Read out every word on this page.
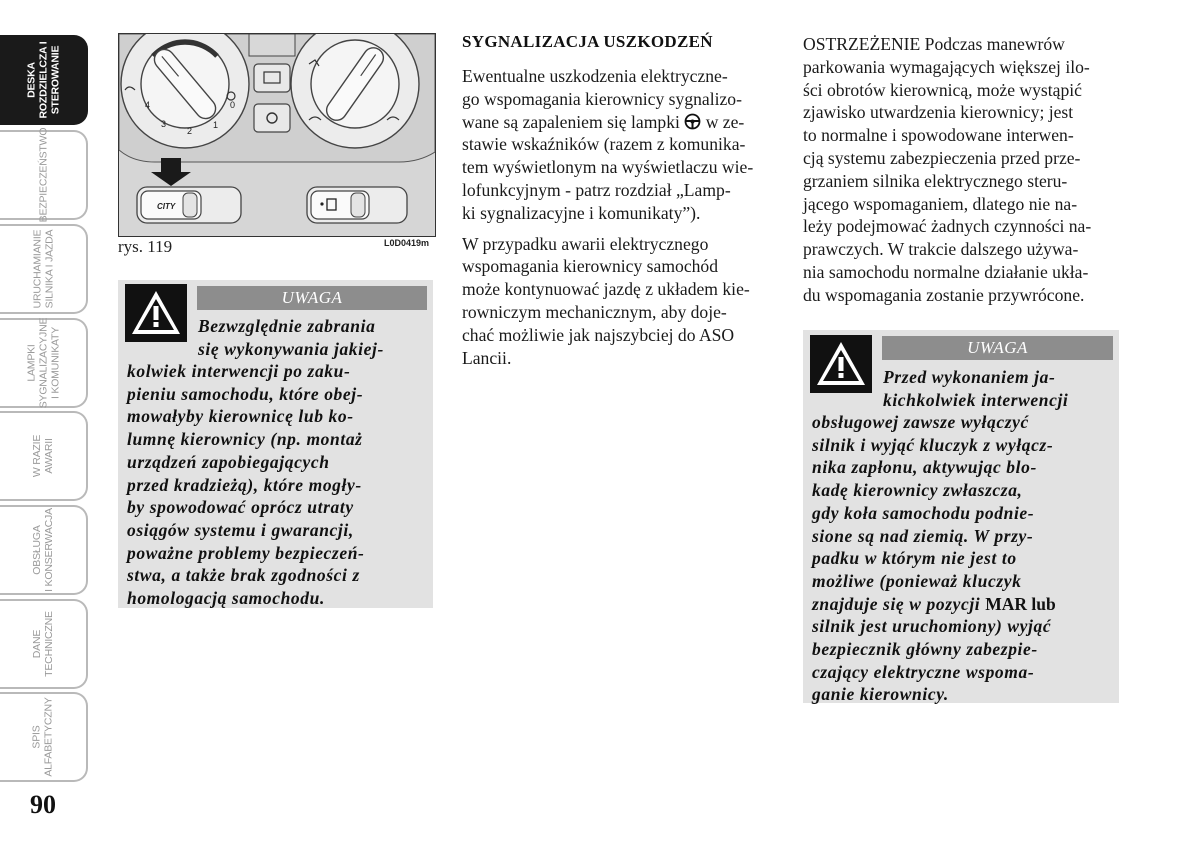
DESKA
ROZDZIELCZA I
STEROWANIE
BEZPIECZEŃSTWO
URUCHAMIANIE
SILNIKA I JAZDA
LAMPKI
SYGNALIZACYJNE
I KOMUNIKATY
W RAZIE
AWARII
OBSŁUGA
I KONSERWACJA
DANE
TECHNICZNE
SPIS
ALFABETYCZNY
90
4
3
2
1
0
CITY
rys. 119	L0D0419m
UWAGA
Bezwzględnie zabrania
się wykonywania jakiej-
kolwiek interwencji po zaku-
pieniu samochodu, które obej-
mowałyby kierownicę lub ko-
lumnę kierownicy (np. montaż
urządzeń zapobiegających
przed kradzieżą), które mogły-
by spowodować oprócz utraty
osiągów systemu i gwarancji,
poważne problemy bezpieczeń-
stwa, a także brak zgodności z
homologacją samochodu.
SYGNALIZACJA USZKODZEŃ
Ewentualne uszkodzenia elektryczne-
go wspomagania kierownicy sygnalizo-
wane są zapaleniem się lampki w ze-
stawie wskaźników (razem z komunika-
tem wyświetlonym na wyświetlaczu wie-
lofunkcyjnym - patrz rozdział „Lamp-
ki sygnalizacyjne i komunikaty”).
W przypadku awarii elektrycznego
wspomagania kierownicy samochód
może kontynuować jazdę z układem kie-
rowniczym mechanicznym, aby doje-
chać możliwie jak najszybciej do ASO
Lancii.
OSTRZEŻENIE Podczas manewrów
parkowania wymagających większej ilo-
ści obrotów kierownicą, może wystąpić
zjawisko utwardzenia kierownicy; jest
to normalne i spowodowane interwen-
cją systemu zabezpieczenia przed prze-
grzaniem silnika elektrycznego steru-
jącego wspomaganiem, dlatego nie na-
leży podejmować żadnych czynności na-
prawczych. W trakcie dalszego używa-
nia samochodu normalne działanie ukła-
du wspomagania zostanie przywrócone.
UWAGA
Przed wykonaniem ja-
kichkolwiek interwencji
obsługowej zawsze wyłączyć
silnik i wyjąć kluczyk z wyłącz-
nika zapłonu, aktywując blo-
kadę kierownicy zwłaszcza,
gdy koła samochodu podnie-
sione są nad ziemią. W przy-
padku w którym nie jest to
możliwe (ponieważ kluczyk
znajduje się w pozycji MAR lub
silnik jest uruchomiony) wyjąć
bezpiecznik główny zabezpie-
czający elektryczne wspoma-
ganie kierownicy.
